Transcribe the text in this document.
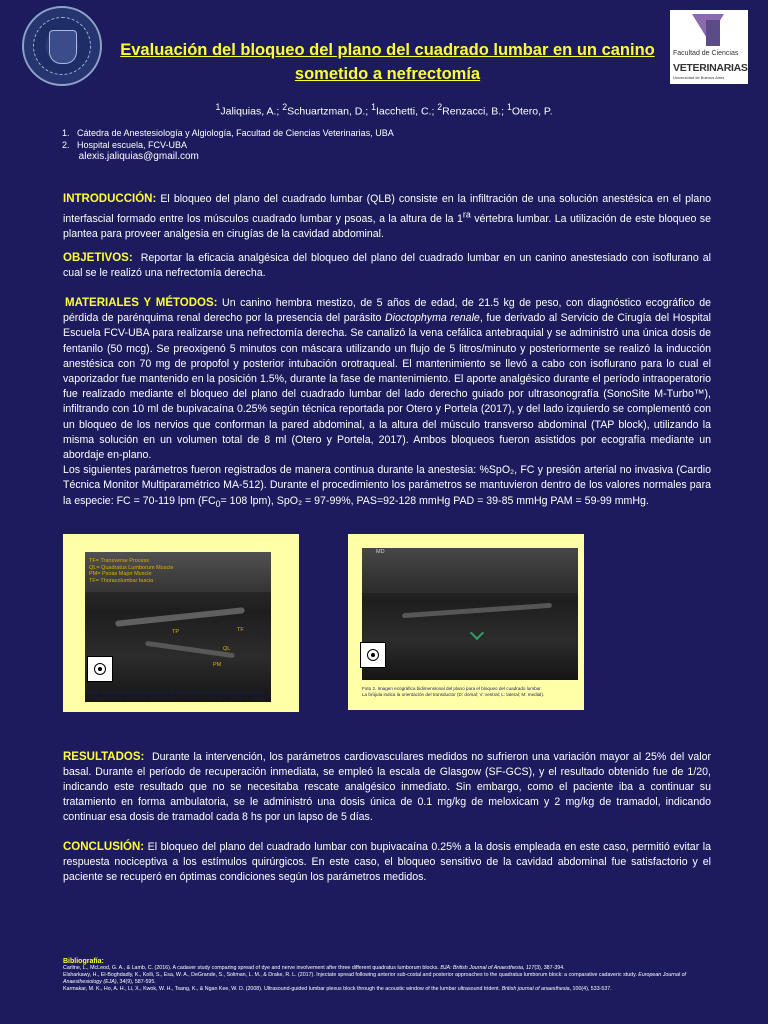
Facultad de Ciencias
VETERINARIAS
Universidad de Buenos Aires
Evaluación del bloqueo del plano del cuadrado lumbar en un canino
sometido a nefrectomía
$^1$Jaliquias, A.; $^2$Schuartzman, D.; $^1$Iacchetti, C.; $^2$Renzacci, B.; $^1$Otero, P.
1.   Cátedra de Anestesiología y Algiología, Facultad de Ciencias Veterinarias, UBA
2.   Hospital escuela, FCV-UBA
alexis.jaliquias@gmail.com
INTRODUCCIÓN: El bloqueo del plano del cuadrado lumbar (QLB) consiste en la infiltración de una solución anestésica en el plano interfascial formado entre los músculos cuadrado lumbar y psoas, a la altura de la $1^{ra}$ vértebra lumbar. La utilización de este bloqueo se plantea para proveer analgesia en cirugías de la cavidad abdominal.
OBJETIVOS:  Reportar la eficacia analgésica del bloqueo del plano del cuadrado lumbar en un canino anestesiado con isoflurano al cual se le realizó una nefrectomía derecha.
MATERIALES Y MÉTODOS: Un canino hembra mestizo, de 5 años de edad, de 21.5 kg de peso, con diagnóstico ecográfico de pérdida de parénquima renal derecho por la presencia del parásito Dioctophyma renale, fue derivado al Servicio de Cirugía del Hospital Escuela FCV-UBA para realizarse una nefrectomía derecha. Se canalizó la vena cefálica antebraquial y se administró una única dosis de fentanilo (50 mcg). Se preoxigenó 5 minutos con máscara utilizando un flujo de 5 litros/minuto y posteriormente se realizó la inducción anestésica con 70 mg de propofol y posterior intubación orotraqueal. El mantenimiento se llevó a cabo con isoflurano para lo cual el vaporizador fue mantenido en la posición 1.5%, durante la fase de mantenimiento. El aporte analgésico durante el período intraoperatorio fue realizado mediante el bloqueo del plano del cuadrado lumbar del lado derecho guiado por ultrasonografía (SonoSite M-Turbo™), infiltrando con 10 ml de bupivacaína 0.25% según técnica reportada por Otero y Portela (2017), y del lado izquierdo se complementó con un bloqueo de los nervios que conforman la pared abdominal, a la altura del músculo transverso abdominal (TAP block), utilizando la misma solución en un volumen total de 8 ml (Otero y Portela, 2017). Ambos bloqueos fueron asistidos por ecografía mediante un abordaje en-plano.
Los siguientes parámetros fueron registrados de manera continua durante la anestesia: %SpO₂, FC y presión arterial no invasiva (Cardio Técnica Monitor Multiparamétrico MA-512). Durante el procedimiento los parámetros se mantuvieron dentro de los valores normales para la especie: FC = 70-119 lpm ($FC_0= 108$ lpm), SpO₂ = 97-99%, PAS=92-128 mmHg PAD = 39-85 mmHg PAM = 59-99 mmHg.
TF= Transverse Process
QL= Quadratus Lumborum Muscle
PM= Psoas Major Muscle
TF= Thoracolumbar fascia
TP	TF
QL
PM
Foto 1. Imagen ecográfica bidimensional del plano para el bloqueo del cuadrado lumbar.
La brújula indica la orientación del transductor (D: dorsal; V: ventral; L: lateral; M: medial).
MD
Foto 2. Imagen ecográfica bidimensional del plano para el bloqueo del cuadrado lumbar.
La brújula indica la orientación del transductor (D: dorsal; V: ventral; L: lateral; M: medial).
RESULTADOS:  Durante la intervención, los parámetros cardiovasculares medidos no sufrieron una variación mayor al 25% del valor basal. Durante el período de recuperación inmediata, se empleó la escala de Glasgow (SF-GCS), y el resultado obtenido fue de 1/20, indicando este resultado que no se necesitaba rescate analgésico inmediato. Sin embargo, como el paciente iba a continuar su tratamiento en forma ambulatoria, se le administró una dosis única de 0.1 mg/kg de meloxicam y 2 mg/kg de tramadol, indicando continuar esa dosis de tramadol cada 8 hs por un lapso de 5 días.
CONCLUSIÓN: El bloqueo del plano del cuadrado lumbar con bupivacaína 0.25% a la dosis empleada en este caso, permitió evitar la respuesta nociceptiva a los estímulos quirúrgicos. En este caso, el bloqueo sensitivo de la cavidad abdominal fue satisfactorio y el paciente se recuperó en óptimas condiciones según los parámetros medidos.
Bibliografía:
Carline, L., McLeod, G. A., & Lamb, C. (2016). A cadaver study comparing spread of dye and nerve involvement after three different quadratus lumborum blocks. BJA: British Journal of Anaesthesia, 117(3), 387-394.
Elsharkawy, H., El-Boghdadly, K., Kolli, S., Esa, W. A., DeGrande, S., Soliman, L. M., & Drake, R. L. (2017). Injectate spread following anterior sub-costal and posterior approaches to the quadratus lumborum block: a comparative cadaveric study. European Journal of Anaesthesiology (EJA), 34(9), 587-595.
Karmakar, M. K., Ho, A. H., Li, X., Kwok, W. H., Tsang, K., & Ngan Kee, W. D. (2008). Ultrasound-guided lumbar plexus block through the acoustic window of the lumbar ultrasound trident. British journal of anaesthesia, 100(4), 533-537.
